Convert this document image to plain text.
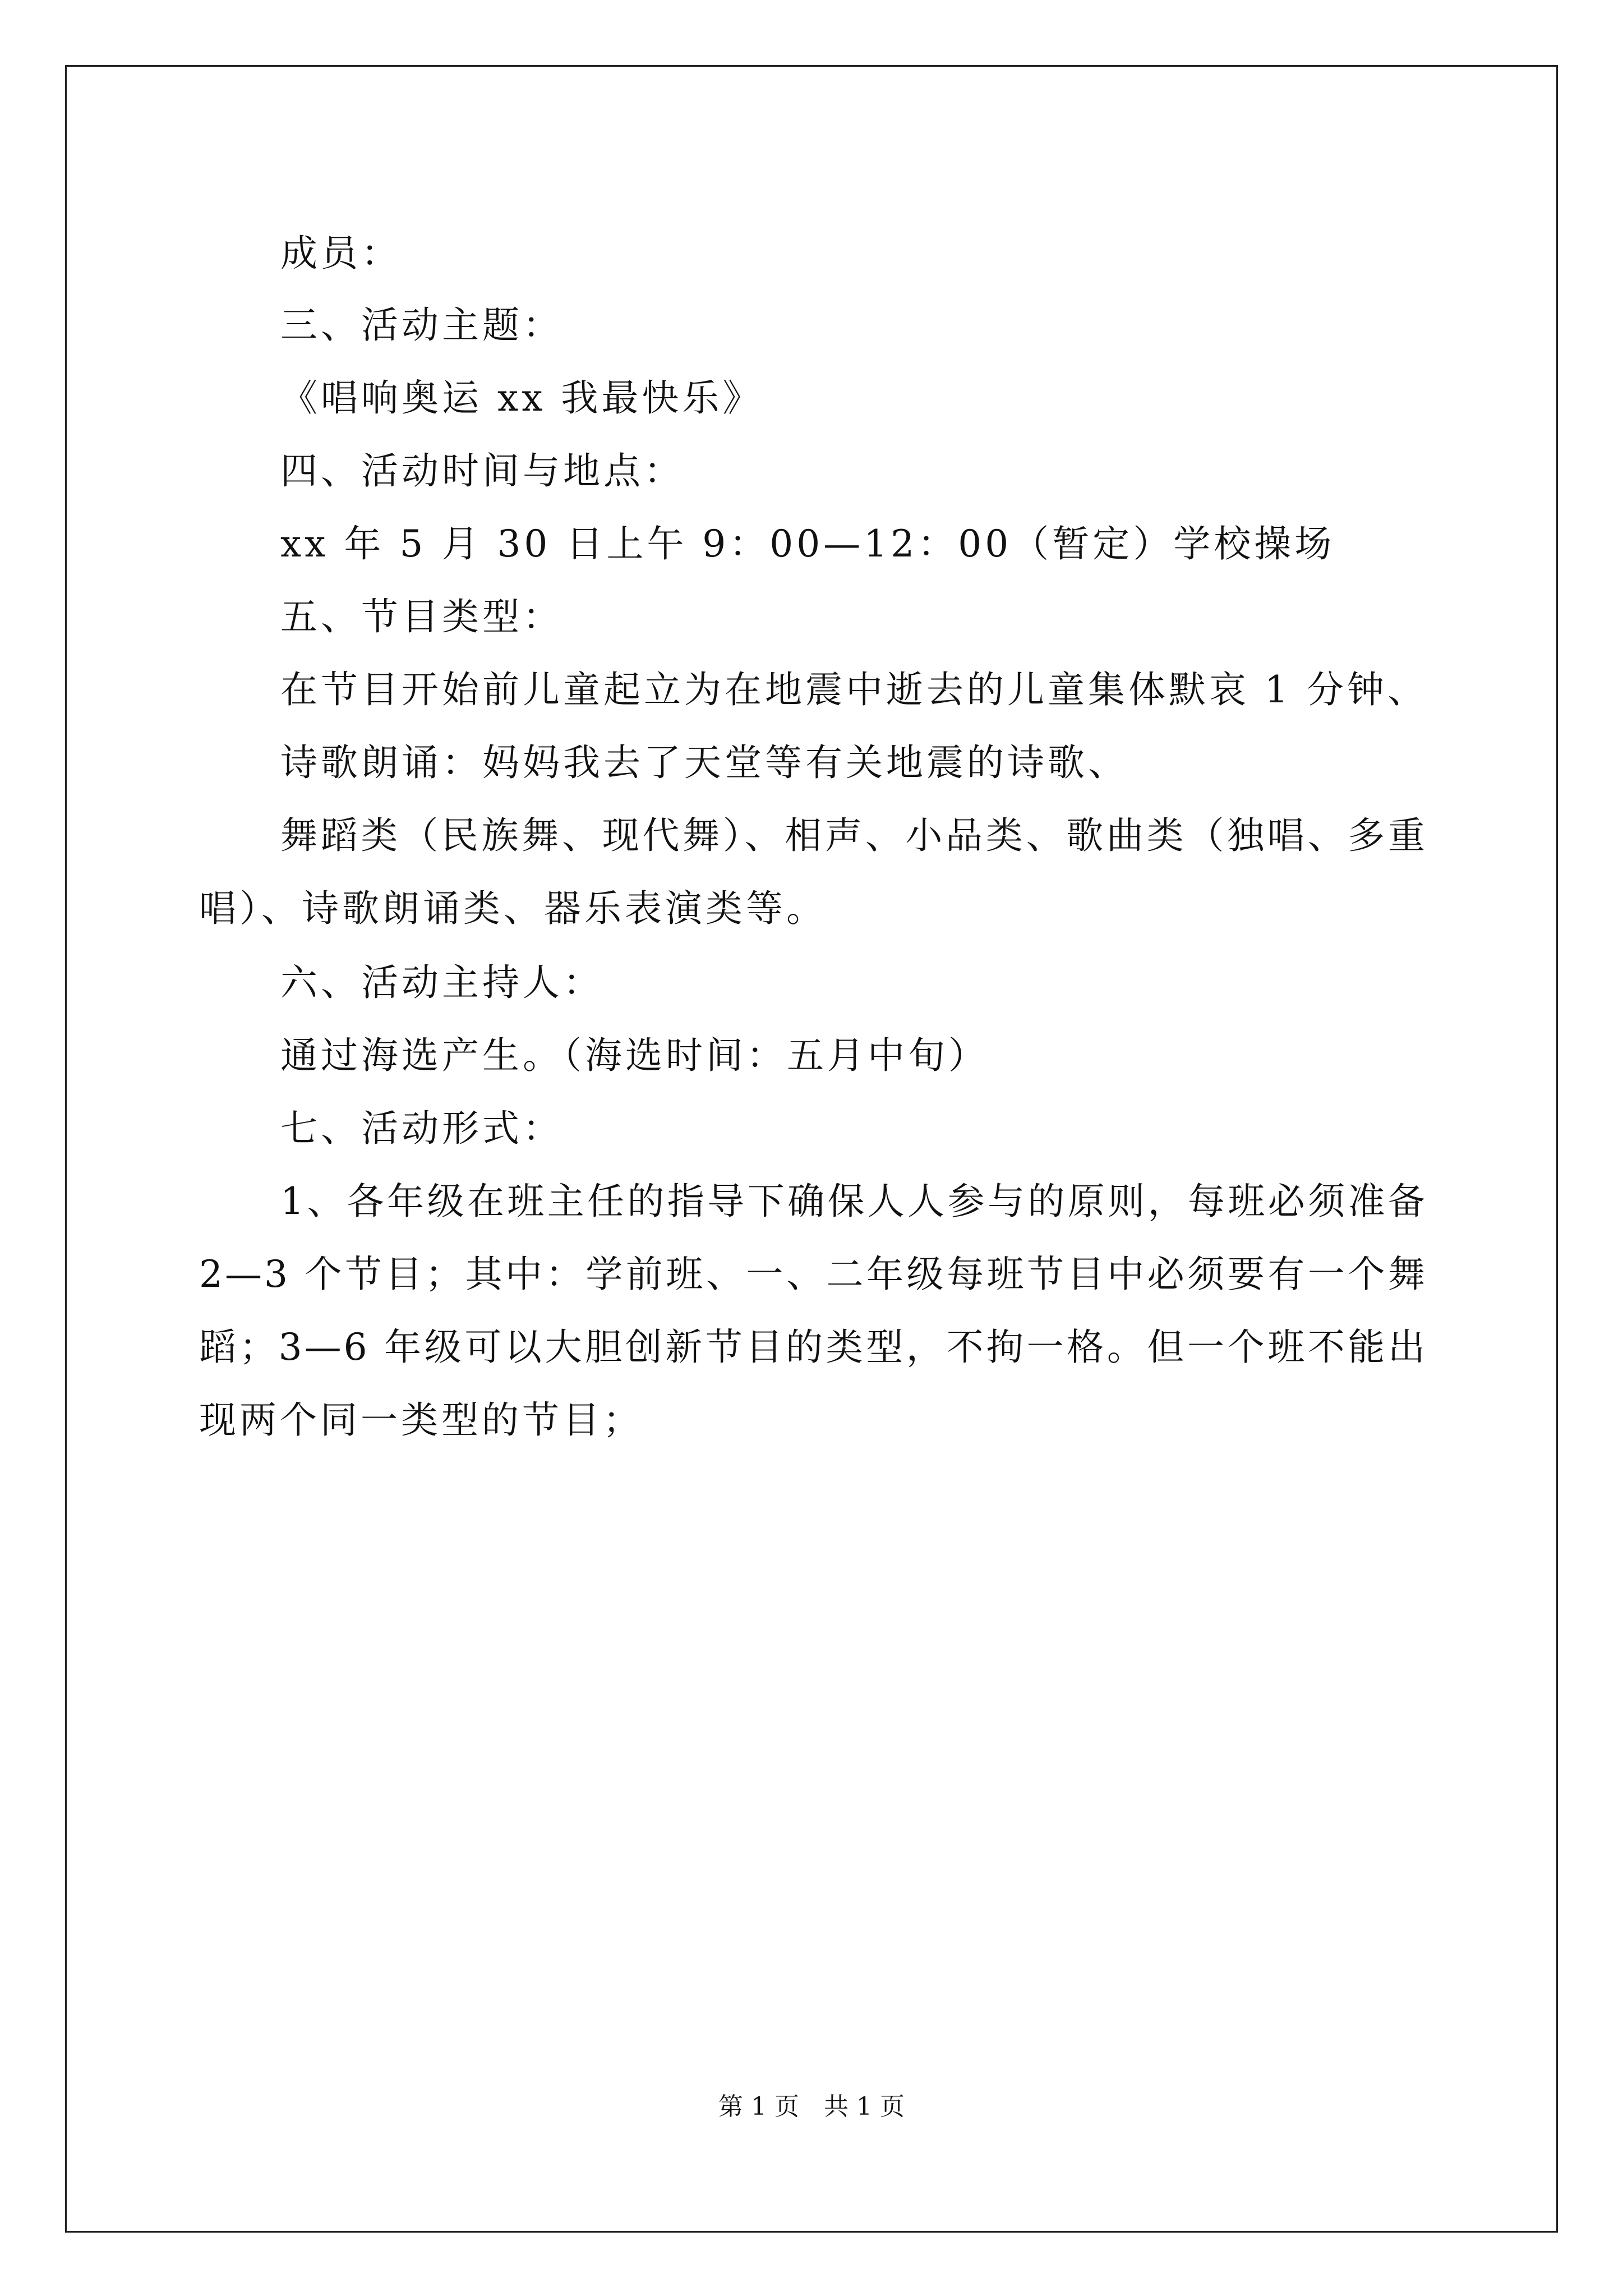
成员：
三、活动主题：
《唱响奥运 xx 我最快乐》
四、活动时间与地点：
xx 年 5 月 30 日上午 9：00—12：00（暂定）学校操场
五、节目类型：
在节目开始前儿童起立为在地震中逝去的儿童集体默哀 1 分钟、
诗歌朗诵：妈妈我去了天堂等有关地震的诗歌、
舞蹈类（民族舞、现代舞）、相声、小品类、歌曲类（独唱、多重
唱）、诗歌朗诵类、器乐表演类等。
六、活动主持人：
通过海选产生。（海选时间：五月中旬）
七、活动形式：
1、各年级在班主任的指导下确保人人参与的原则，每班必须准备
2—3 个节目；其中：学前班、一、二年级每班节目中必须要有一个舞
蹈；3—6 年级可以大胆创新节目的类型，不拘一格。但一个班不能出
现两个同一类型的节目；
第 1 页　共 1 页
